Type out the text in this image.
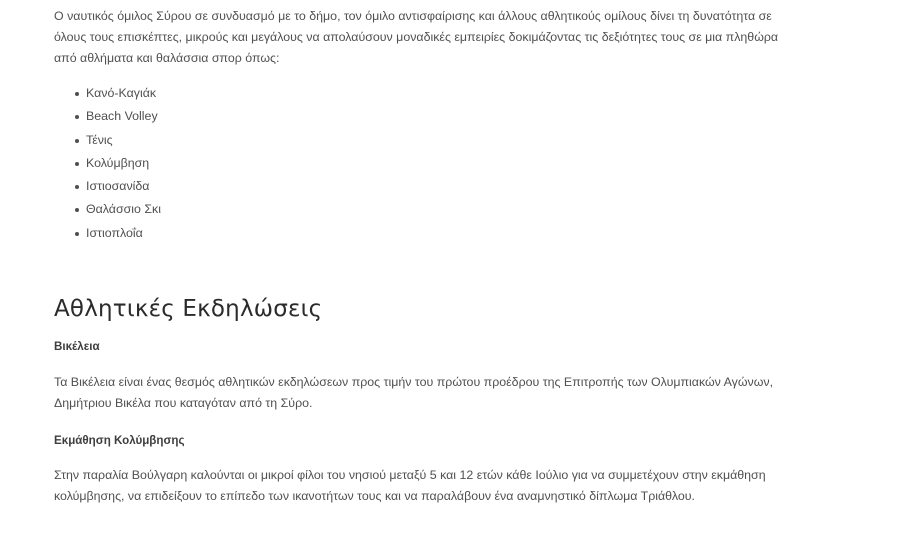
Ο ναυτικός όμιλος Σύρου σε συνδυασμό με το δήμο, τον όμιλο αντισφαίρισης και άλλους αθλητικούς ομίλους δίνει τη δυνατότητα σε

όλους τους επισκέπτες, μικρούς και μεγάλους να απολαύσουν μοναδικές εμπειρίες δοκιμάζοντας τις δεξιότητες τους σε μια πληθώρα

από αθλήματα και θαλάσσια σπορ όπως:

Κανό-Καγιάκ
Beach Volley
Τένις
Κολύμβηση
Ιστιοσανίδα
Θαλάσσιο Σκι
Ιστιοπλοΐα
Αθλητικές Εκδηλώσεις

Βικέλεια

Τα Βικέλεια είναι ένας θεσμός αθλητικών εκδηλώσεων προς τιμήν του πρώτου προέδρου της Επιτροπής των Ολυμπιακών Αγώνων,

Δημήτριου Βικέλα που καταγόταν από τη Σύρο.

Εκμάθηση Κολύμβησης

Στην παραλία Βούλγαρη καλούνται οι μικροί φίλοι του νησιού μεταξύ 5 και 12 ετών κάθε Ιούλιο για να συμμετέχουν στην εκμάθηση

κολύμβησης, να επιδείξουν το επίπεδο των ικανοτήτων τους και να παραλάβουν ένα αναμνηστικό δίπλωμα Τριάθλου.
